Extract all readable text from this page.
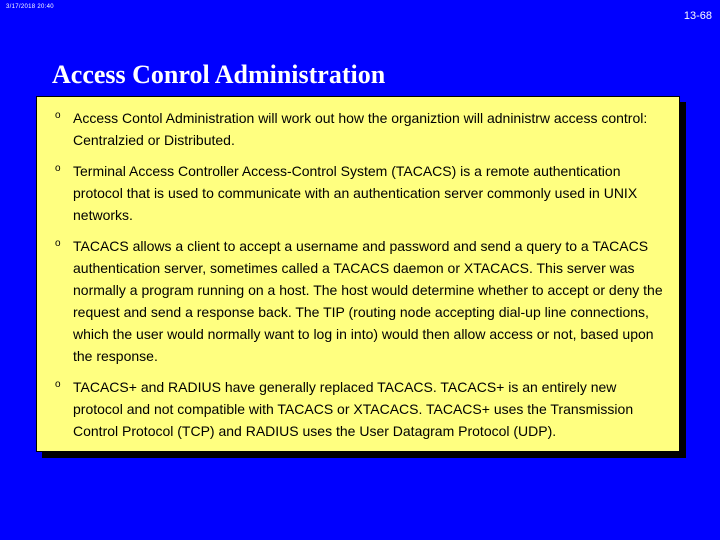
3/17/2018 20:40
13-68
Access Conrol Administration
o Access Contol Administration will work out how the organiztion will adninistrw access control: Centralzied or Distributed.
o Terminal Access Controller Access-Control System (TACACS) is a remote authentication protocol that is used to communicate with an authentication server commonly used in UNIX networks.
o TACACS allows a client to accept a username and password and send a query to a TACACS authentication server, sometimes called a TACACS daemon or XTACACS. This server was normally a program running on a host. The host would determine whether to accept or deny the request and send a response back. The TIP (routing node accepting dial-up line connections, which the user would normally want to log in into) would then allow access or not, based upon the response.
o TACACS+ and RADIUS have generally replaced TACACS. TACACS+ is an entirely new protocol and not compatible with TACACS or XTACACS. TACACS+ uses the Transmission Control Protocol (TCP) and RADIUS uses the User Datagram Protocol (UDP).
